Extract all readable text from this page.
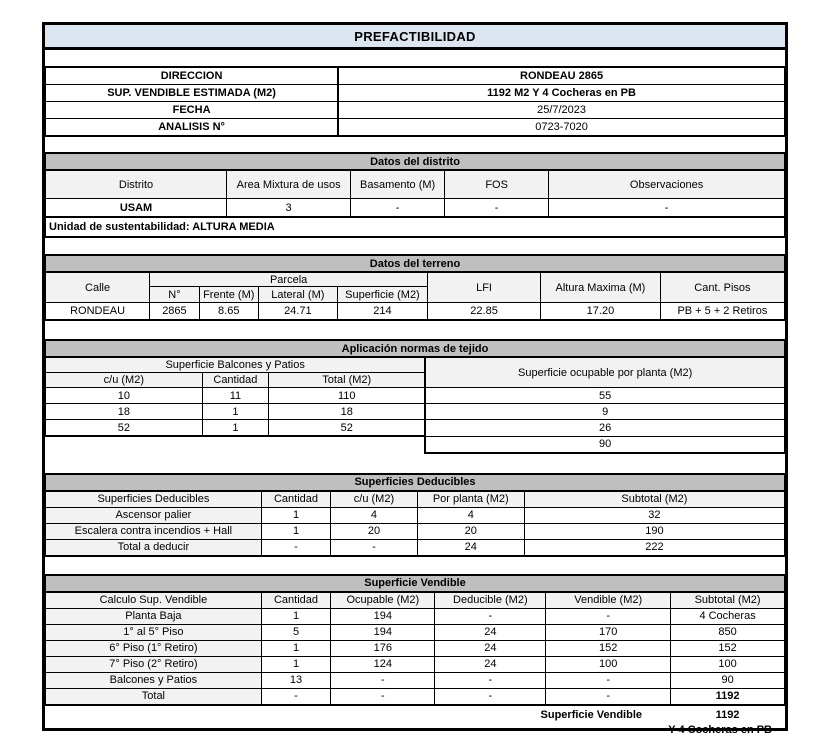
PREFACTIBILIDAD
DIRECCION	RONDEAU 2865
SUP. VENDIBLE ESTIMADA (M2)	1192 M2 Y 4 Cocheras en PB
FECHA	25/7/2023
ANALISIS N°	0723-7020
Datos del distrito				
Distrito	Area Mixtura de usos	Basamento (M)	FOS	Observaciones
USAM	3	-	-	-
Unidad de sustentabilidad: ALTURA MEDIA				
Datos del terreno							
Calle	Parcela				LFI	Altura Maxima (M)	Cant. Pisos
	N°	Frente (M)	Lateral (M)	Superficie (M2)			
RONDEAU	2865	8.65	24.71	214	22.85	17.20	PB + 5 + 2 Retiros
Aplicación normas de tejido			
Superficie Balcones y Patios			Superficie ocupable por planta (M2)
c/u (M2)	Cantidad	Total (M2)	
10	11	110	55
18	1	18	9
52	1	52	26
			90
Superficies Deducibles				
Superficies Deducibles	Cantidad	c/u (M2)	Por planta (M2)	Subtotal (M2)
Ascensor palier	1	4	4	32
Escalera contra incendios + Hall	1	20	20	190
Total a deducir	-	-	24	222
Superficie Vendible					
Calculo Sup. Vendible	Cantidad	Ocupable (M2)	Deducible (M2)	Vendible (M2)	Subtotal (M2)
Planta Baja	1	194	-	-	4 Cocheras
1° al 5° Piso	5	194	24	170	850
6° Piso (1° Retiro)	1	176	24	152	152
7° Piso (2° Retiro)	1	124	24	100	100
Balcones y Patios	13	-	-	-	90
Total	-	-	-	-	1192
Superficie Vendible	1192
Y 4 Cocheras en PB
